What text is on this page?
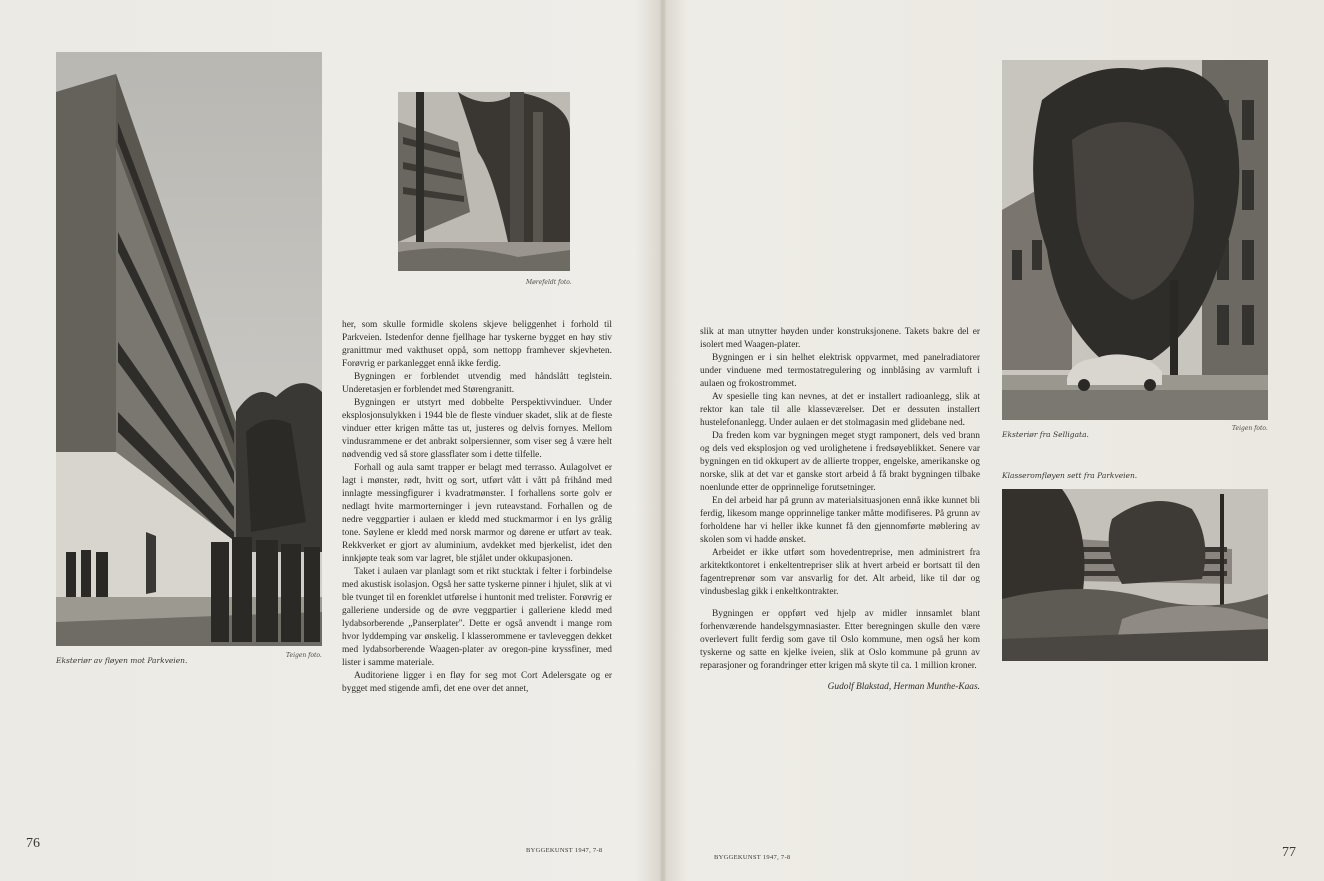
Eksteriør av fløyen mot Parkveien.
Teigen foto.
Mørefeldt foto.

her, som skulle formidle skolens skjeve beliggenhet i forhold til Parkveien. Istedenfor denne fjellhage har tyskerne bygget en høy stiv granittmur med vakthuset oppå, som nettopp framhever skjevheten. Forøvrig er parkanlegget ennå ikke ferdig.

Bygningen er forblendet utvendig med håndslått teglstein. Underetasjen er forblendet med Størengranitt.

Bygningen er utstyrt med dobbelte Perspektivvinduer. Under eksplosjonsulykken i 1944 ble de fleste vinduer skadet, slik at de fleste vinduer etter krigen måtte tas ut, justeres og delvis fornyes. Mellom vindusrammene er det anbrakt solpersienner, som viser seg å være helt nødvendig ved så store glassflater som i dette tilfelle.

Forhall og aula samt trapper er belagt med terrasso. Aulagolvet er lagt i mønster, rødt, hvitt og sort, utført vått i vått på frihånd med innlagte messingfigurer i kvadratmønster. I forhallens sorte golv er nedlagt hvite marmorterninger i jevn ruteavstand. Forhallen og de nedre veggpartier i aulaen er kledd med stuckmarmor i en lys grålig tone. Søylene er kledd med norsk marmor og dørene er utført av teak. Rekkverket er gjort av aluminium, avdekket med bjerkelist, idet den innkjøpte teak som var lagret, ble stjålet under okkupasjonen.

Taket i aulaen var planlagt som et rikt stucktak i felter i forbindelse med akustisk isolasjon. Også her satte tyskerne pinner i hjulet, slik at vi ble tvunget til en forenklet utførelse i huntonit med trelister. Forøvrig er galleriene underside og de øvre veggpartier i galleriene kledd med lydabsorberende „Panserplater". Dette er også anvendt i mange rom hvor lyddemping var ønskelig. I klasserommene er tavleveggen dekket med lydabsorberende Waagen-plater av oregon-pine kryssfiner, med lister i samme materiale.

Auditoriene ligger i en fløy for seg mot Cort Adelersgate og er bygget med stigende amfi, det ene over det annet,

76	BYGGEKUNST 1947, 7-8

slik at man utnytter høyden under konstruksjonene. Takets bakre del er isolert med Waagen-plater.

Bygningen er i sin helhet elektrisk oppvarmet, med panelradiatorer under vinduene med termostatregulering og innblåsing av varmluft i aulaen og frokostrommet.

Av spesielle ting kan nevnes, at det er installert radioanlegg, slik at rektor kan tale til alle klasseværelser. Det er dessuten installert hustelefonanlegg. Under aulaen er det stolmagasin med glidebane ned.

Da freden kom var bygningen meget stygt ramponert, dels ved brann og dels ved eksplosjon og ved urolighetene i fredsøyeblikket. Senere var bygningen en tid okkupert av de allierte tropper, engelske, amerikanske og norske, slik at det var et ganske stort arbeid å få brakt bygningen tilbake noenlunde etter de opprinnelige forutsetninger.

En del arbeid har på grunn av materialsituasjonen ennå ikke kunnet bli ferdig, likesom mange opprinnelige tanker måtte modifiseres. På grunn av forholdene har vi heller ikke kunnet få den gjennomførte møblering av skolen som vi hadde ønsket.

Arbeidet er ikke utført som hovedentreprise, men administrert fra arkitektkontoret i enkeltentrepriser slik at hvert arbeid er bortsatt til den fagentreprenør som var ansvarlig for det. Alt arbeid, like til dør og vindusbeslag gikk i enkeltkontrakter.

Bygningen er oppført ved hjelp av midler innsamlet blant forhenværende handelsgymnasiaster. Etter beregningen skulle den være overlevert fullt ferdig som gave til Oslo kommune, men også her kom tyskerne og satte en kjelke iveien, slik at Oslo kommune på grunn av reparasjoner og forandringer etter krigen må skyte til ca. 1 million kroner.

Gudolf Blakstad, Herman Munthe-Kaas.
Eksteriør fra Selligata.
Teigen foto.
Klasseromfløyen sett fra Parkveien.
BYGGEKUNST 1947, 7-8	77
